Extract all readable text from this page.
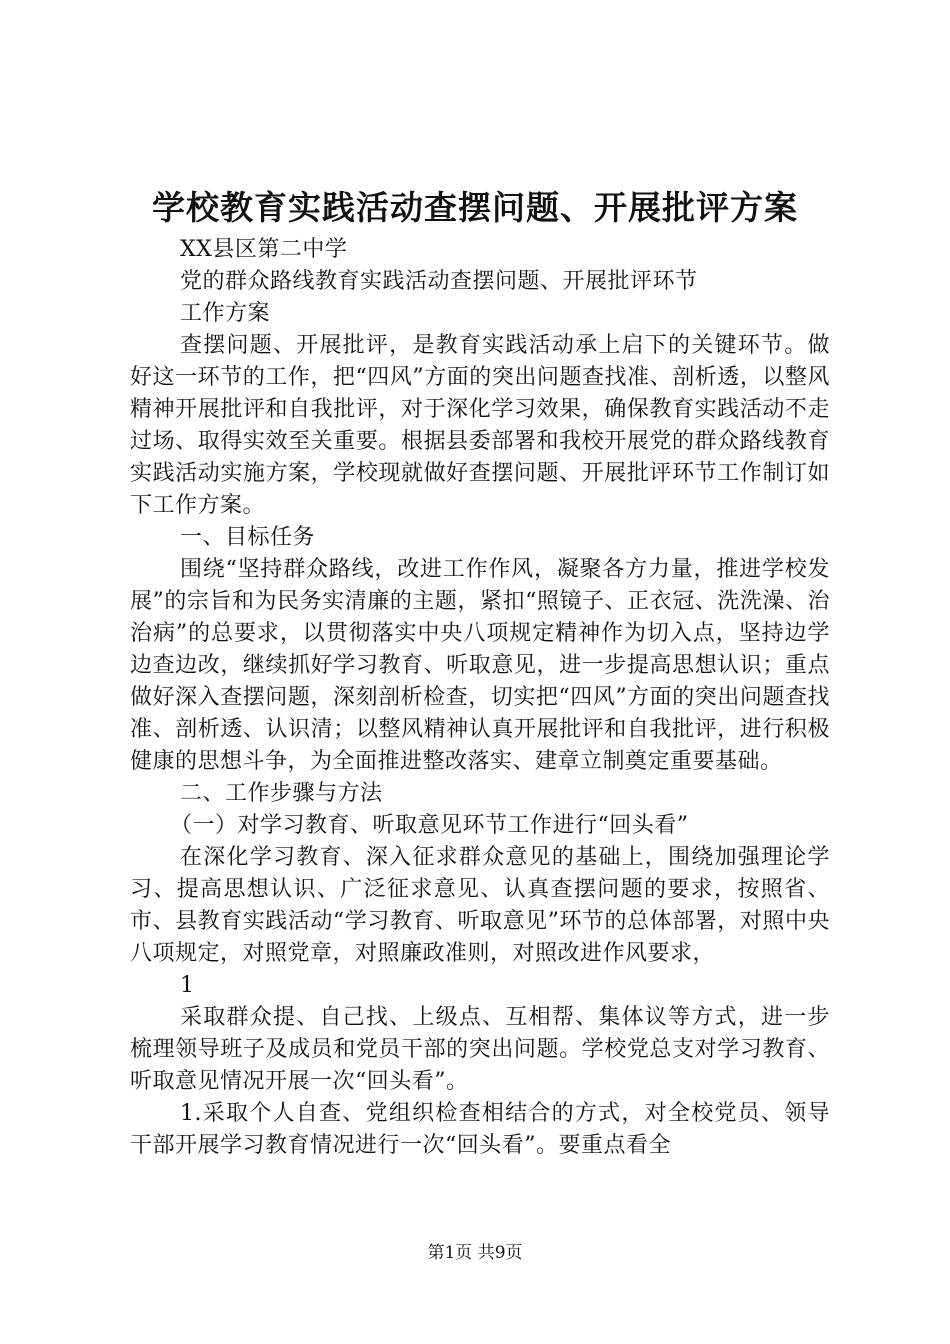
学校教育实践活动查摆问题、开展批评方案

XX县区第二中学

党的群众路线教育实践活动查摆问题、开展批评环节

工作方案

查摆问题、开展批评，是教育实践活动承上启下的关键环节。做好这一环节的工作，把“四风”方面的突出问题查找准、剖析透，以整风精神开展批评和自我批评，对于深化学习效果，确保教育实践活动不走过场、取得实效至关重要。根据县委部署和我校开展党的群众路线教育实践活动实施方案，学校现就做好查摆问题、开展批评环节工作制订如下工作方案。

一、目标任务

围绕“坚持群众路线，改进工作作风，凝聚各方力量，推进学校发展”的宗旨和为民务实清廉的主题，紧扣“照镜子、正衣冠、洗洗澡、治治病”的总要求，以贯彻落实中央八项规定精神作为切入点，坚持边学边查边改，继续抓好学习教育、听取意见，进一步提高思想认识；重点做好深入查摆问题，深刻剖析检查，切实把“四风”方面的突出问题查找准、剖析透、认识清；以整风精神认真开展批评和自我批评，进行积极健康的思想斗争，为全面推进整改落实、建章立制奠定重要基础。

二、工作步骤与方法

（一）对学习教育、听取意见环节工作进行“回头看”

在深化学习教育、深入征求群众意见的基础上，围绕加强理论学习、提高思想认识、广泛征求意见、认真查摆问题的要求，按照省、市、县教育实践活动“学习教育、听取意见”环节的总体部署，对照中央八项规定，对照党章，对照廉政准则，对照改进作风要求，

1

采取群众提、自己找、上级点、互相帮、集体议等方式，进一步梳理领导班子及成员和党员干部的突出问题。学校党总支对学习教育、听取意见情况开展一次“回头看”。

1.采取个人自查、党组织检查相结合的方式，对全校党员、领导干部开展学习教育情况进行一次“回头看”。要重点看全

第1页 共9页
